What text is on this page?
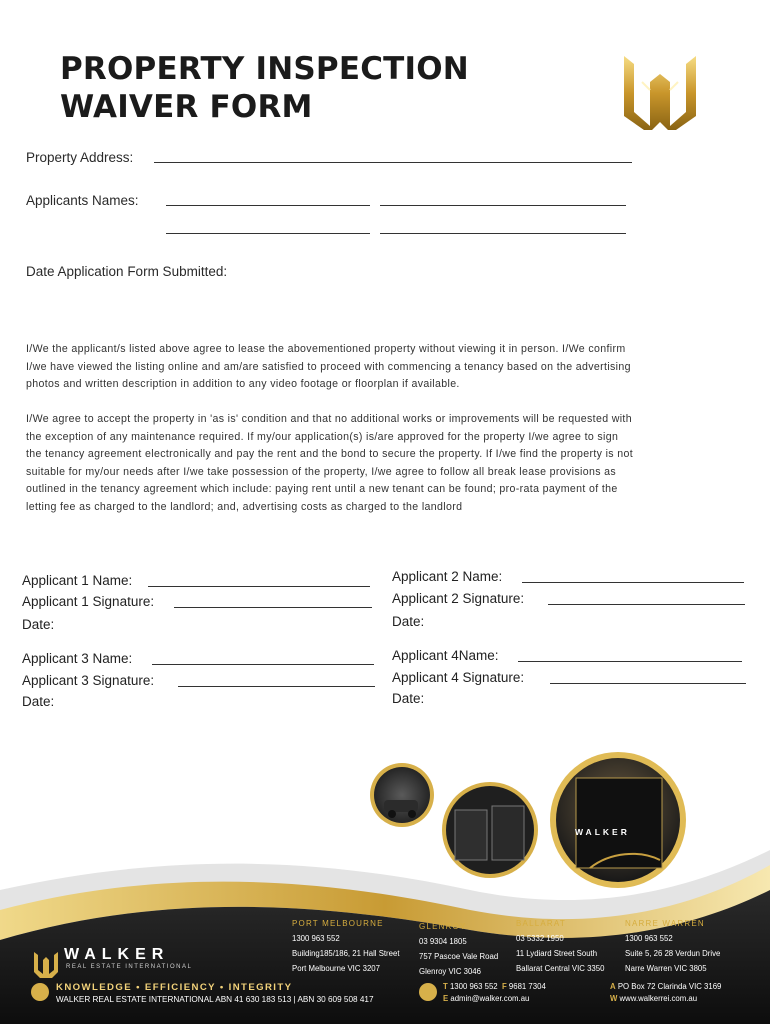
PROPERTY INSPECTION
WAIVER FORM
Property Address:
Applicants Names:
Date Application Form Submitted:
I/We the applicant/s listed above agree to lease the abovementioned property without viewing it in person. I/We confirm
I/we have viewed the listing online and am/are satisfied to proceed with commencing a tenancy based on the advertising
photos and written description in addition to any video footage or floorplan if available.
I/We agree to accept the property in 'as is' condition and that no additional works or improvements will be requested with
the exception of any maintenance required. If my/our application(s) is/are approved for the property I/we agree to sign
the tenancy agreement electronically and pay the rent and the bond to secure the property. If I/we find the property is not
suitable for my/our needs after I/we take possession of the property, I/we agree to follow all break lease provisions as
outlined in the tenancy agreement which include: paying rent until a new tenant can be found; pro-rata payment of the
letting fee as charged to the landlord; and, advertising costs as charged to the landlord
Applicant 1 Name:
Applicant 1 Signature:
Date:
Applicant 2 Name:
Applicant 2 Signature:
Date:
Applicant 3 Name:
Applicant 3 Signature:
Date:
Applicant 4Name:
Applicant 4 Signature:
Date:
WALKER
WALKER
REAL ESTATE INTERNATIONAL
KNOWLEDGE • EFFICIENCY • INTEGRITY
WALKER REAL ESTATE INTERNATIONAL ABN 41 630 183 513 | ABN 30 609 508 417
PORT MELBOURNE
1300 963 552
Building185/186, 21 Hall Street
Port Melbourne VIC 3207
GLENROY
03 9304 1805
757 Pascoe Vale Road
Glenroy VIC 3046
BALLARAT
03 5332 1950
11 Lydiard Street South
Ballarat Central VIC 3350
NARRE WARREN
1300 963 552
Suite 5, 26 28 Verdun Drive
Narre Warren VIC 3805
T 1300 963 552 F 9681 7304
E admin@walker.com.au
A PO Box 72 Clarinda VIC 3169
W www.walkerrei.com.au
